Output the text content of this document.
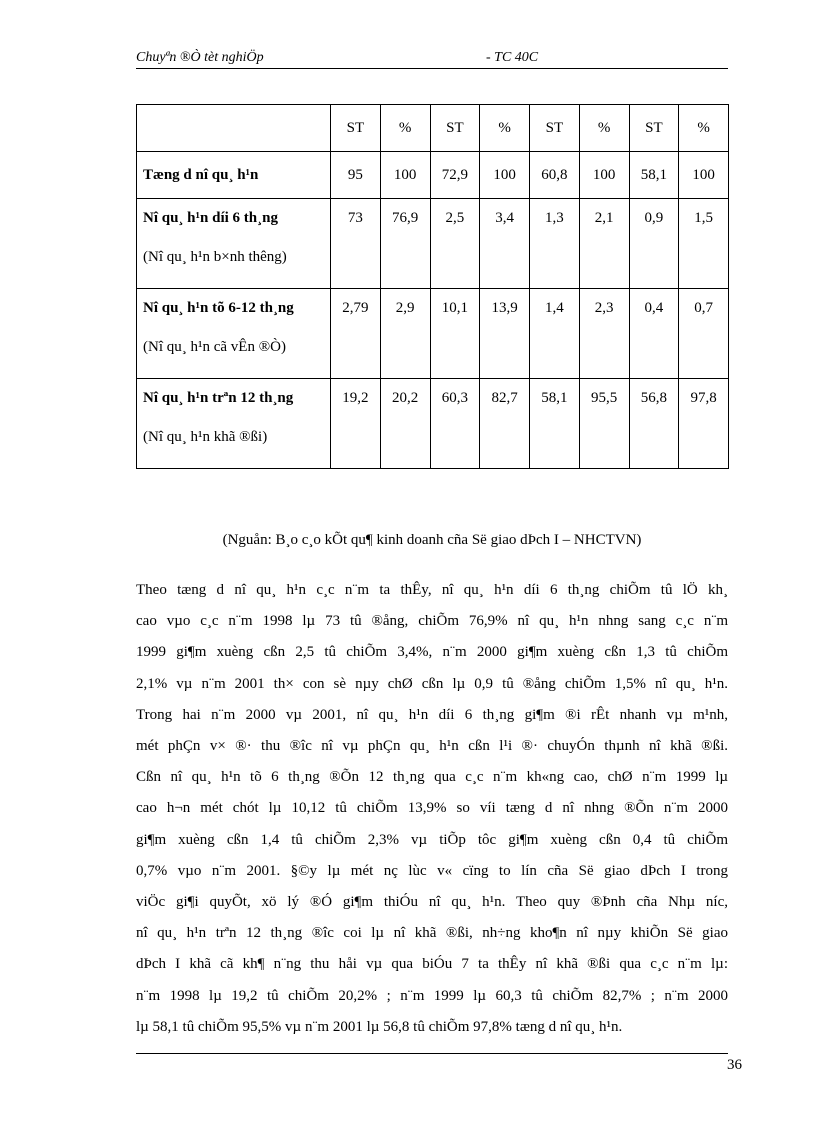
Chuyªn ®Ò tèt nghiÖp	- TC 40C
	ST	%	ST	%	ST	%	ST	%
Tæng d nî qu¸ h¹n	95	100	72,9	100	60,8	100	58,1	100

Nî qu¸ h¹n díi 6 th¸ng
(Nî qu¸ h¹n b×nh thêng)	73	76,9	2,5	3,4	1,3	2,1	0,9	1,5

Nî qu¸ h¹n tõ 6-12 th¸ng
(Nî qu¸ h¹n cã vÊn ®Ò)	2,79	2,9	10,1	13,9	1,4	2,3	0,4	0,7

Nî qu¸ h¹n trªn 12 th¸ng
(Nî qu¸ h¹n khã ®ßi)	19,2	20,2	60,3	82,7	58,1	95,5	56,8	97,8
(Nguån: B¸o c¸o kÕt qu¶ kinh doanh cña Së giao dÞch I – NHCTVN)

Theo tæng d nî qu¸ h¹n c¸c n¨m ta thÊy, nî qu¸ h¹n díi 6 th¸ng chiÕm tû lÖ kh¸
cao vµo c¸c n¨m 1998 lµ 73 tû ®ång, chiÕm 76,9% nî qu¸ h¹n nhng sang c¸c n¨m
1999 gi¶m xuèng cßn 2,5 tû chiÕm 3,4%, n¨m 2000 gi¶m xuèng cßn 1,3 tû chiÕm
2,1% vµ n¨m 2001 th× con sè nµy chØ cßn lµ 0,9 tû ®ång chiÕm 1,5% nî qu¸ h¹n.
Trong hai n¨m 2000 vµ 2001, nî qu¸ h¹n díi 6 th¸ng gi¶m ®i rÊt nhanh vµ m¹nh,
mét phÇn v× ®· thu ®îc nî vµ phÇn qu¸ h¹n cßn l¹i ®· chuyÓn thµnh nî khã ®ßi.
Cßn nî qu¸ h¹n tõ 6 th¸ng ®Õn 12 th¸ng qua c¸c n¨m kh«ng cao, chØ n¨m 1999 lµ
cao h¬n mét chót lµ 10,12 tû chiÕm 13,9% so víi tæng d nî nhng ®Õn n¨m 2000
gi¶m xuèng cßn 1,4 tû chiÕm 2,3% vµ tiÕp tôc gi¶m xuèng cßn 0,4 tû chiÕm
0,7% vµo n¨m 2001. §©y lµ mét nç lùc v« cïng to lín cña Së giao dÞch I trong
viÖc gi¶i quyÕt, xö lý ®Ó gi¶m thiÓu nî qu¸ h¹n. Theo quy ®Þnh cña Nhµ níc,
nî qu¸ h¹n trªn 12 th¸ng ®îc coi lµ nî khã ®ßi, nh÷ng kho¶n nî nµy khiÕn Së giao
dÞch I khã cã kh¶ n¨ng thu håi vµ qua biÓu 7 ta thÊy nî khã ®ßi qua c¸c n¨m lµ:
n¨m 1998 lµ 19,2 tû chiÕm 20,2% ; n¨m 1999 lµ 60,3 tû chiÕm 82,7% ; n¨m 2000
lµ 58,1 tû chiÕm 95,5% vµ n¨m 2001 lµ 56,8 tû chiÕm 97,8% tæng d nî qu¸ h¹n.

36
